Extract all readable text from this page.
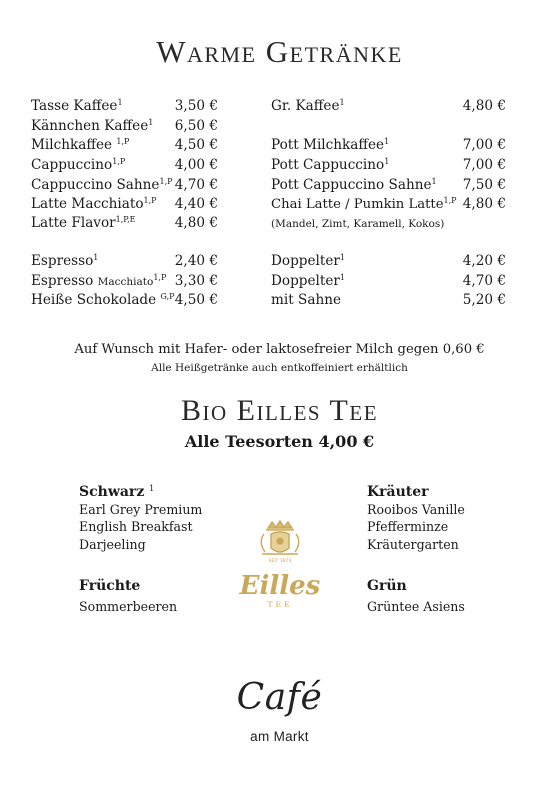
Warme Getränke
Tasse Kaffee$^1$	3,50 €
Kännchen Kaffee$^1$	6,50 €
Milchkaffee $^{1,P}$	4,50 €
Cappuccino$^{1,P}$	4,00 €
Cappuccino Sahne$^{1,P}$ 4,70 €
Latte Macchiato$^{1,P}$	4,40 €
Latte Flavor$^{1,P,E}$	4,80 €
Espresso$^1$	2,40 €
Espresso Macchiato$^{1,P}$ 3,30 €
Heiße Schokolade $^{G,P}$ 4,50 €
Gr. Kaffee$^1$	4,80 €
Pott Milchkaffee$^1$	7,00 €
Pott Cappuccino$^1$	7,00 €
Pott Cappuccino Sahne$^1$	7,50 €
Chai Latte / Pumkin Latte$^{1,P}$ 4,80 €
(Mandel, Zimt, Karamell, Kokos)
Doppelter$^1$	4,20 €
Doppelter$^1$	4,70 €
mit Sahne	5,20 €
Auf Wunsch mit Hafer- oder laktosefreier Milch gegen 0,60 €
Alle Heißgetränke auch entkoffeiniert erhältlich
Bio Eilles Tee
Alle Teesorten 4,00 €
Schwarz $^1$
Earl Grey Premium
English Breakfast
Darjeeling
Kräuter
Rooibos Vanille
Pfefferminze
Kräutergarten
Früchte
Sommerbeeren
Grün
Grüntee Asiens
SEIT 1873
Eilles
TEE
Café
am Markt
